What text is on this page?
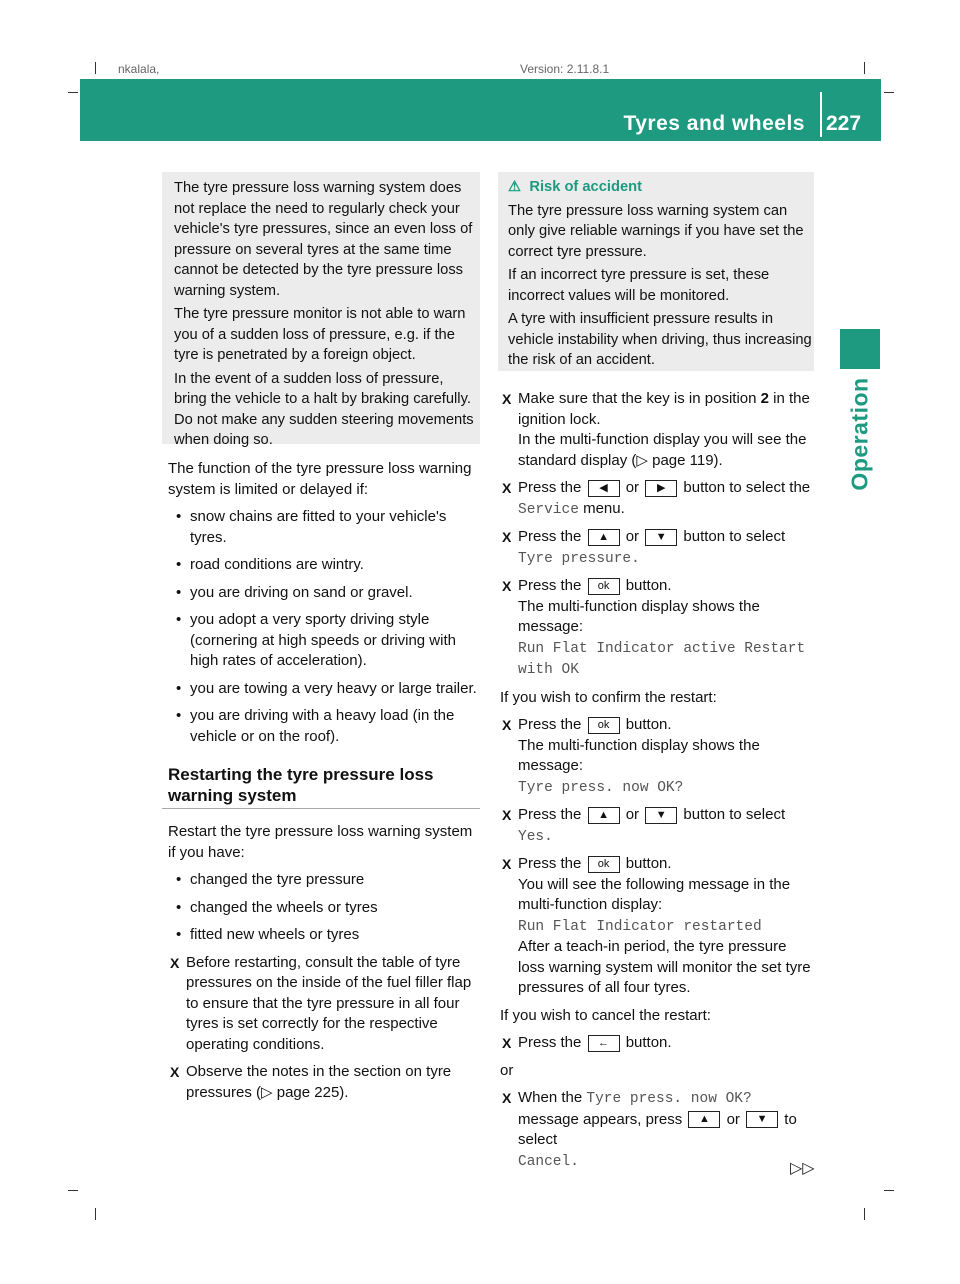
nkalala,	Version: 2.11.8.1
Tyres and wheels 227
Operation

The tyre pressure loss warning system does not replace the need to regularly check your vehicle's tyre pressures, since an even loss of pressure on several tyres at the same time cannot be detected by the tyre pressure loss warning system.

The tyre pressure monitor is not able to warn you of a sudden loss of pressure, e.g. if the tyre is penetrated by a foreign object.

In the event of a sudden loss of pressure, bring the vehicle to a halt by braking carefully. Do not make any sudden steering movements when doing so.

The function of the tyre pressure loss warning system is limited or delayed if:

• snow chains are fitted to your vehicle's tyres.

• road conditions are wintry.

• you are driving on sand or gravel.

• you adopt a very sporty driving style (cornering at high speeds or driving with high rates of acceleration).

• you are towing a very heavy or large trailer.

• you are driving with a heavy load (in the vehicle or on the roof).

Restarting the tyre pressure loss warning system

Restart the tyre pressure loss warning system if you have:

• changed the tyre pressure

• changed the wheels or tyres

• fitted new wheels or tyres

X Before restarting, consult the table of tyre pressures on the inside of the fuel filler flap to ensure that the tyre pressure in all four tyres is set correctly for the respective operating conditions.

X Observe the notes in the section on tyre pressures (▷ page 225).

⚠  Risk of accident

The tyre pressure loss warning system can only give reliable warnings if you have set the correct tyre pressure.

If an incorrect tyre pressure is set, these incorrect values will be monitored.

A tyre with insufficient pressure results in vehicle instability when driving, thus increasing the risk of an accident.

X Make sure that the key is in position 2 in the ignition lock.
In the multi-function display you will see the standard display (▷ page 119).

X Press the ◀ or ▶ button to select the Service menu.

X Press the ▲ or ▼ button to select
Tyre pressure.

X Press the ok button.
The multi-function display shows the message:
Run Flat Indicator active Restart
with OK

If you wish to confirm the restart:

X Press the ok button.
The multi-function display shows the message:
Tyre press. now OK?

X Press the ▲ or ▼ button to select
Yes.

X Press the ok button.
You will see the following message in the multi-function display:
Run Flat Indicator restarted
After a teach-in period, the tyre pressure loss warning system will monitor the set tyre pressures of all four tyres.

If you wish to cancel the restart:

X Press the ← button.

or

X When the Tyre press. now OK? message appears, press ▲ or ▼ to select
Cancel.	▷▷
